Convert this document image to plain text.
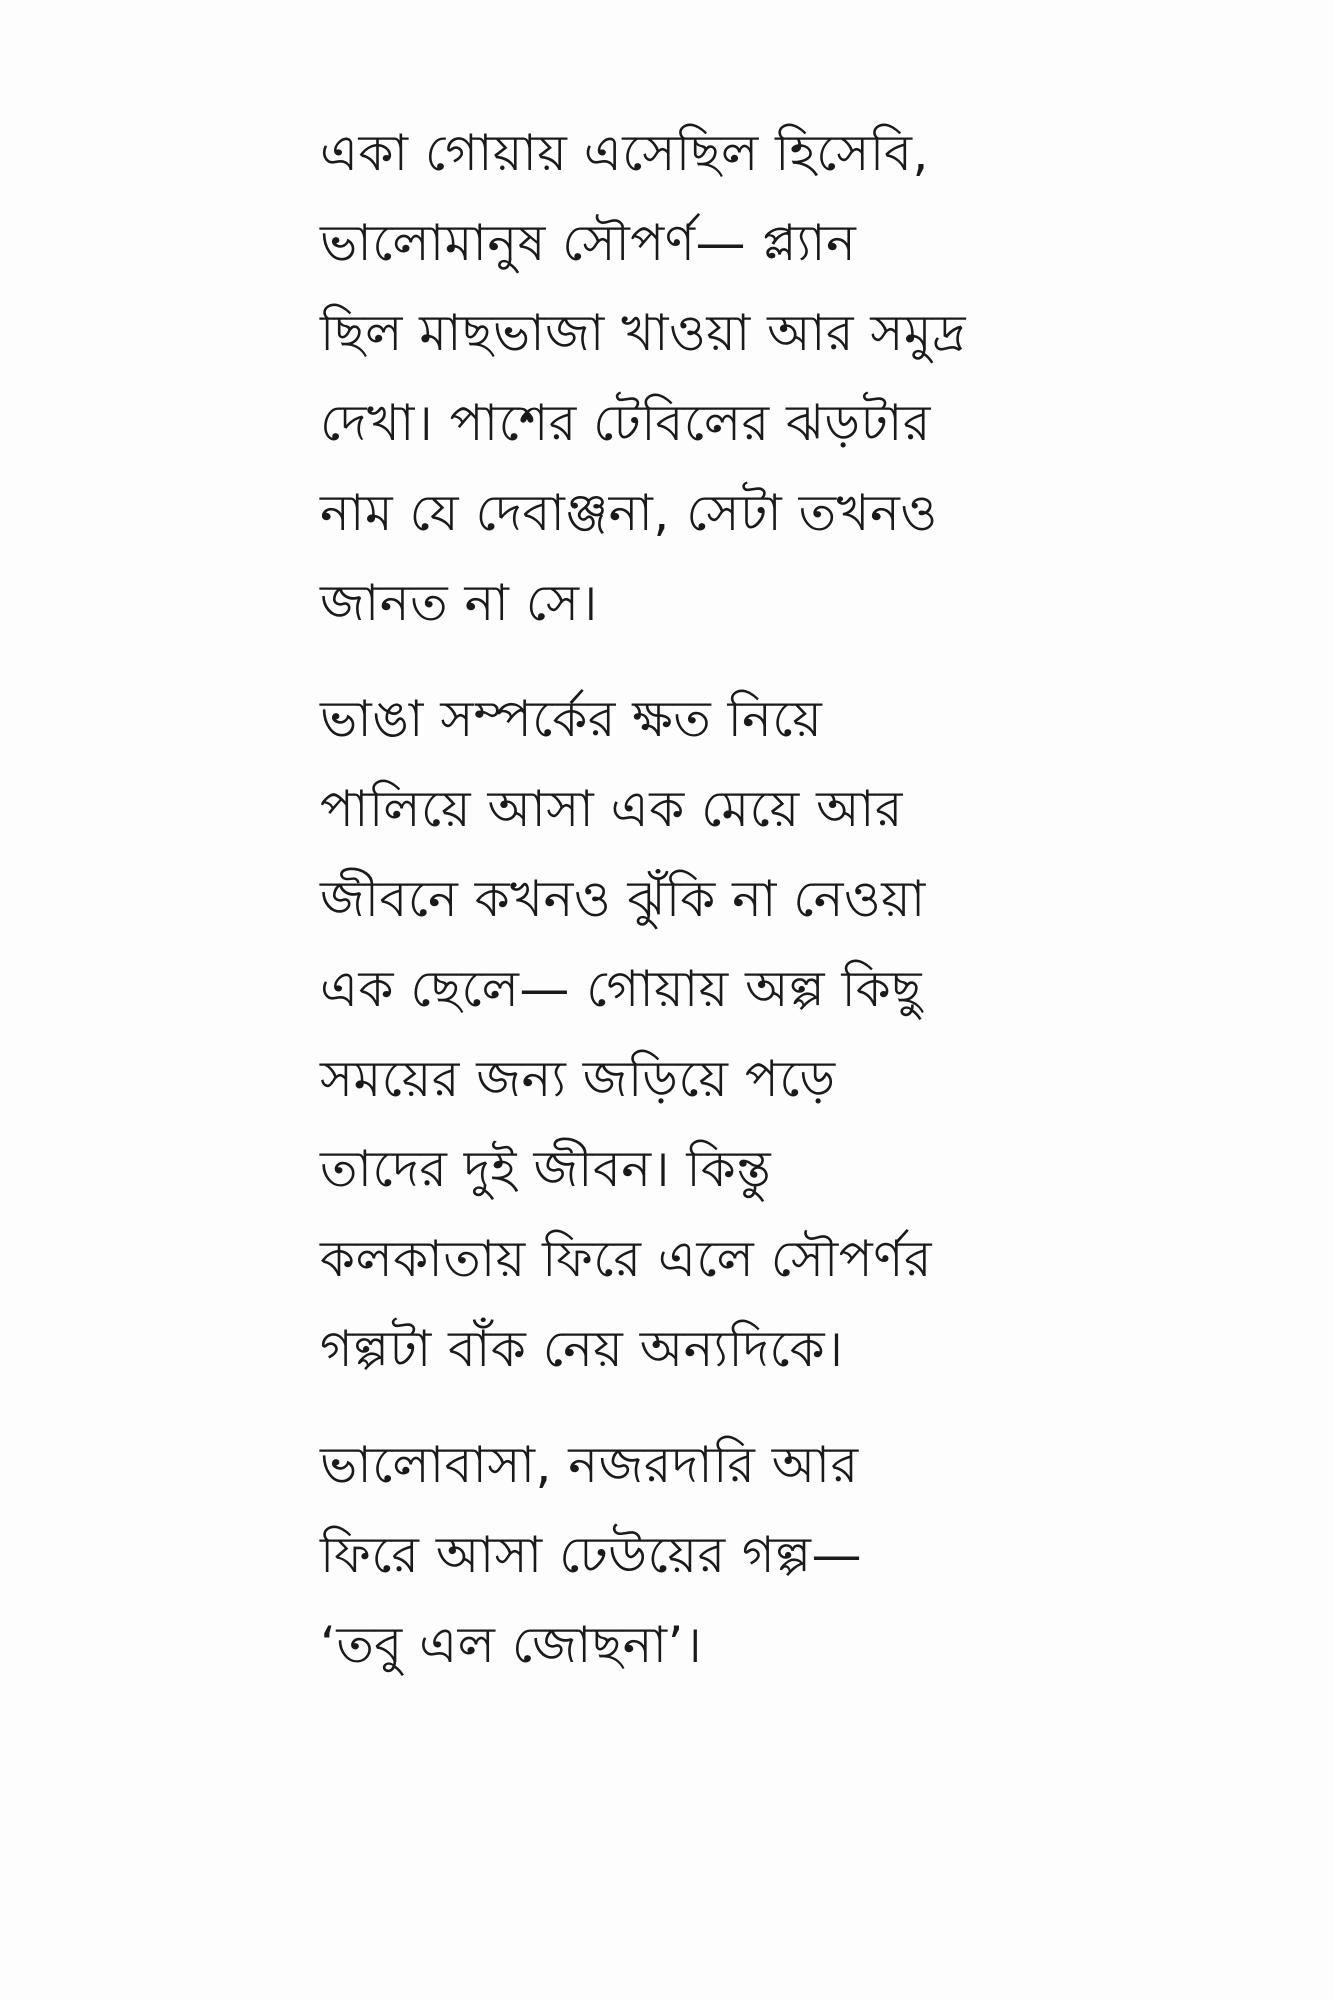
একা গোয়ায় এসেছিল হিসেবি,
ভালোমানুষ সৌপর্ণ— প্ল্যান
ছিল মাছভাজা খাওয়া আর সমুদ্র
দেখা। পাশের টেবিলের ঝড়টার
নাম যে দেবাঞ্জনা, সেটা তখনও
জানত না সে।

ভাঙা সম্পর্কের ক্ষত নিয়ে
পালিয়ে আসা এক মেয়ে আর
জীবনে কখনও ঝুঁকি না নেওয়া
এক ছেলে— গোয়ায় অল্প কিছু
সময়ের জন্য জড়িয়ে পড়ে
তাদের দুই জীবন। কিন্তু
কলকাতায় ফিরে এলে সৌপর্ণর
গল্পটা বাঁক নেয় অন্যদিকে।

ভালোবাসা, নজরদারি আর
ফিরে আসা ঢেউয়ের গল্প—
‘তবু এল জোছনা’।
